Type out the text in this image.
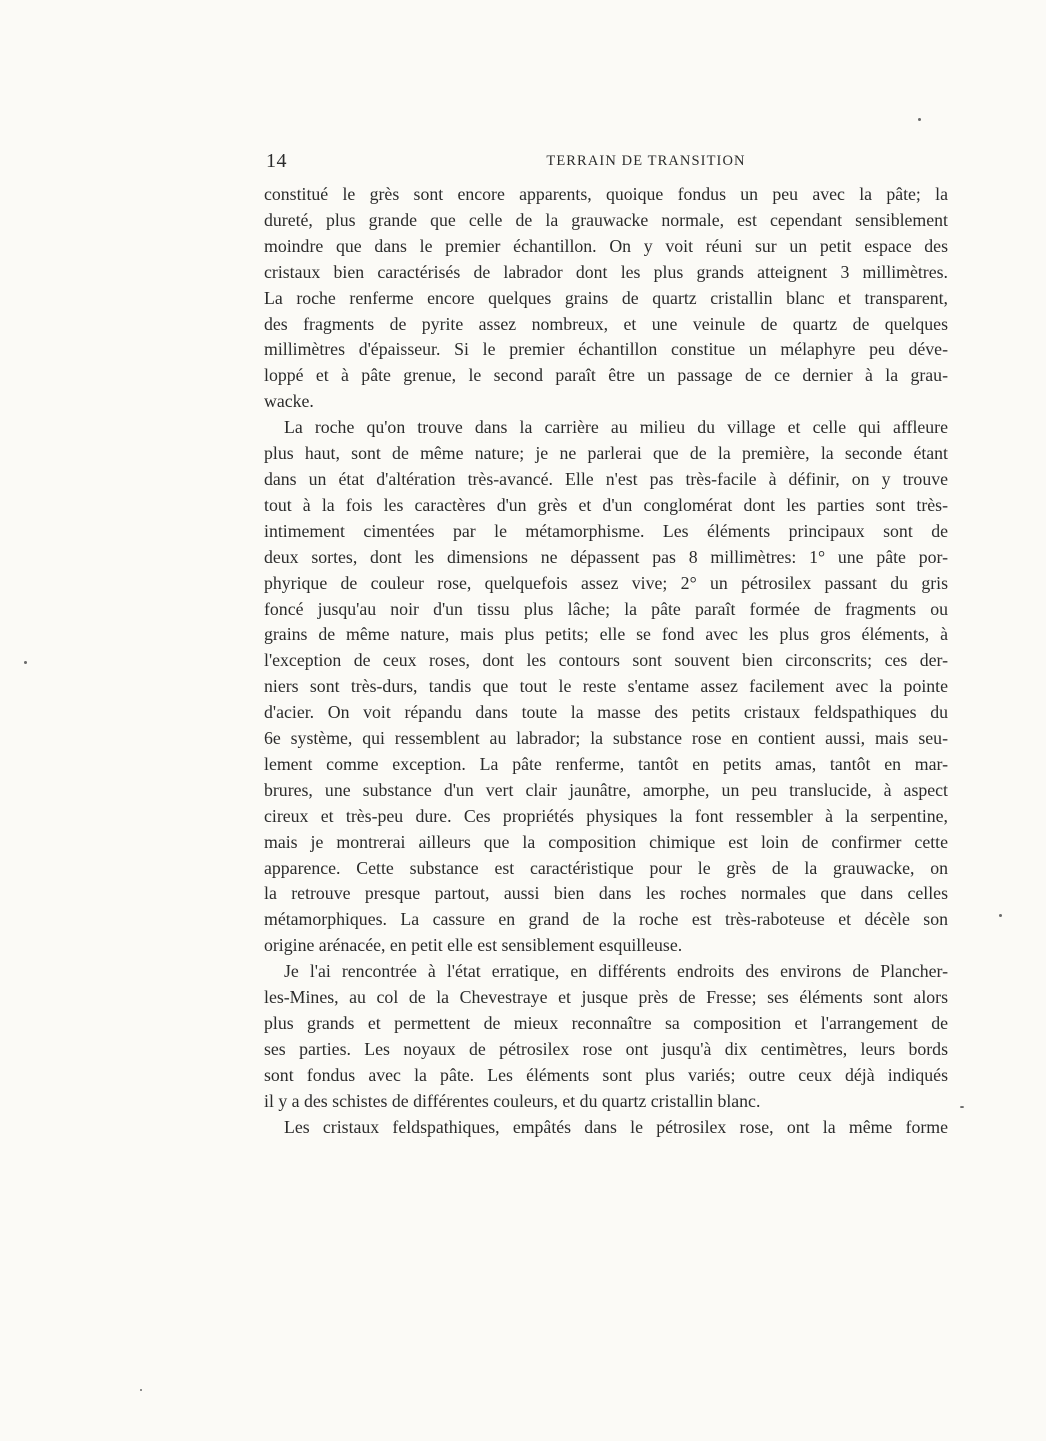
14	TERRAIN DE TRANSITION

constitué le grès sont encore apparents, quoique fondus un peu avec la pâte; la
dureté, plus grande que celle de la grauwacke normale, est cependant sensiblement
moindre que dans le premier échantillon. On y voit réuni sur un petit espace des
cristaux bien caractérisés de labrador dont les plus grands atteignent 3 millimètres.
La roche renferme encore quelques grains de quartz cristallin blanc et transparent,
des fragments de pyrite assez nombreux, et une veinule de quartz de quelques
millimètres d'épaisseur. Si le premier échantillon constitue un mélaphyre peu déve-
loppé et à pâte grenue, le second paraît être un passage de ce dernier à la grau-
wacke.

La roche qu'on trouve dans la carrière au milieu du village et celle qui affleure
plus haut, sont de même nature; je ne parlerai que de la première, la seconde étant
dans un état d'altération très-avancé. Elle n'est pas très-facile à définir, on y trouve
tout à la fois les caractères d'un grès et d'un conglomérat dont les parties sont très-
intimement cimentées par le métamorphisme. Les éléments principaux sont de
deux sortes, dont les dimensions ne dépassent pas 8 millimètres: 1° une pâte por-
phyrique de couleur rose, quelquefois assez vive; 2° un pétrosilex passant du gris
foncé jusqu'au noir d'un tissu plus lâche; la pâte paraît formée de fragments ou
grains de même nature, mais plus petits; elle se fond avec les plus gros éléments, à
l'exception de ceux roses, dont les contours sont souvent bien circonscrits; ces der-
niers sont très-durs, tandis que tout le reste s'entame assez facilement avec la pointe
d'acier. On voit répandu dans toute la masse des petits cristaux feldspathiques du
6e système, qui ressemblent au labrador; la substance rose en contient aussi, mais seu-
lement comme exception. La pâte renferme, tantôt en petits amas, tantôt en mar-
brures, une substance d'un vert clair jaunâtre, amorphe, un peu translucide, à aspect
cireux et très-peu dure. Ces propriétés physiques la font ressembler à la serpentine,
mais je montrerai ailleurs que la composition chimique est loin de confirmer cette
apparence. Cette substance est caractéristique pour le grès de la grauwacke, on
la retrouve presque partout, aussi bien dans les roches normales que dans celles
métamorphiques. La cassure en grand de la roche est très-raboteuse et décèle son
origine arénacée, en petit elle est sensiblement esquilleuse.

Je l'ai rencontrée à l'état erratique, en différents endroits des environs de Plancher-
les-Mines, au col de la Chevestraye et jusque près de Fresse; ses éléments sont alors
plus grands et permettent de mieux reconnaître sa composition et l'arrangement de
ses parties. Les noyaux de pétrosilex rose ont jusqu'à dix centimètres, leurs bords
sont fondus avec la pâte. Les éléments sont plus variés; outre ceux déjà indiqués
il y a des schistes de différentes couleurs, et du quartz cristallin blanc.

Les cristaux feldspathiques, empâtés dans le pétrosilex rose, ont la même forme
